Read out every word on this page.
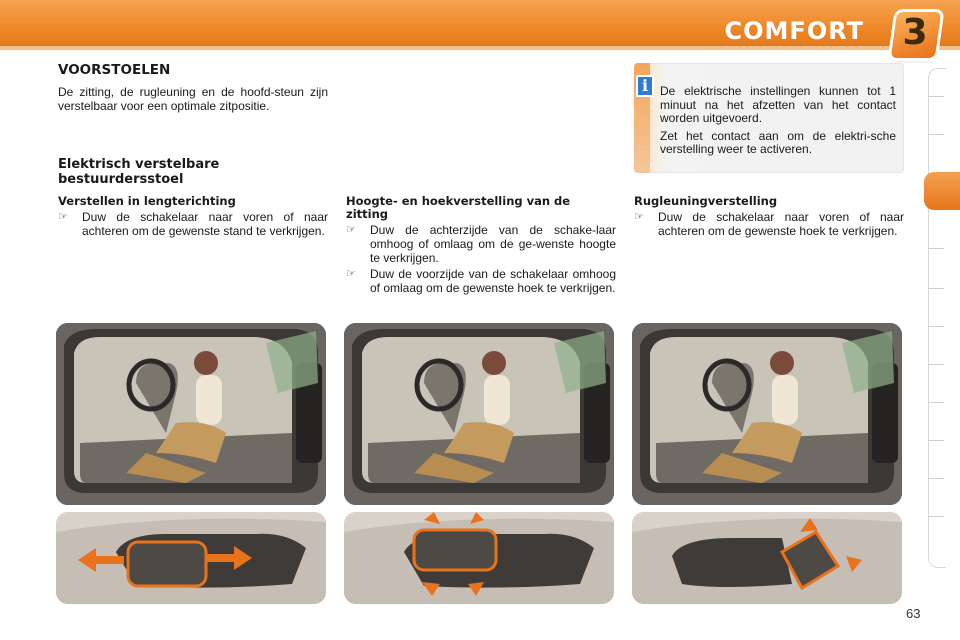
COMFORT 3
VOORSTOELEN
De zitting, de rugleuning en de hoofd-steun zijn verstelbaar voor een optimale zitpositie.
Elektrisch verstelbare bestuurdersstoel
Verstellen in lengterichting

☞ Duw de schakelaar naar voren of naar achteren om de gewenste stand te verkrijgen.

Hoogte- en hoekverstelling van de zitting

☞ Duw de achterzijde van de schake-laar omhoog of omlaag om de ge-wenste hoogte te verkrijgen.

☞ Duw de voorzijde van de schakelaar omhoog of omlaag om de gewenste hoek te verkrijgen.

Rugleuningverstelling

☞ Duw de schakelaar naar voren of naar achteren om de gewenste hoek te verkrijgen.

i De elektrische instellingen kunnen tot 1 minuut na het afzetten van het contact worden uitgevoerd.

Zet het contact aan om de elektri-sche verstelling weer te activeren.

63
